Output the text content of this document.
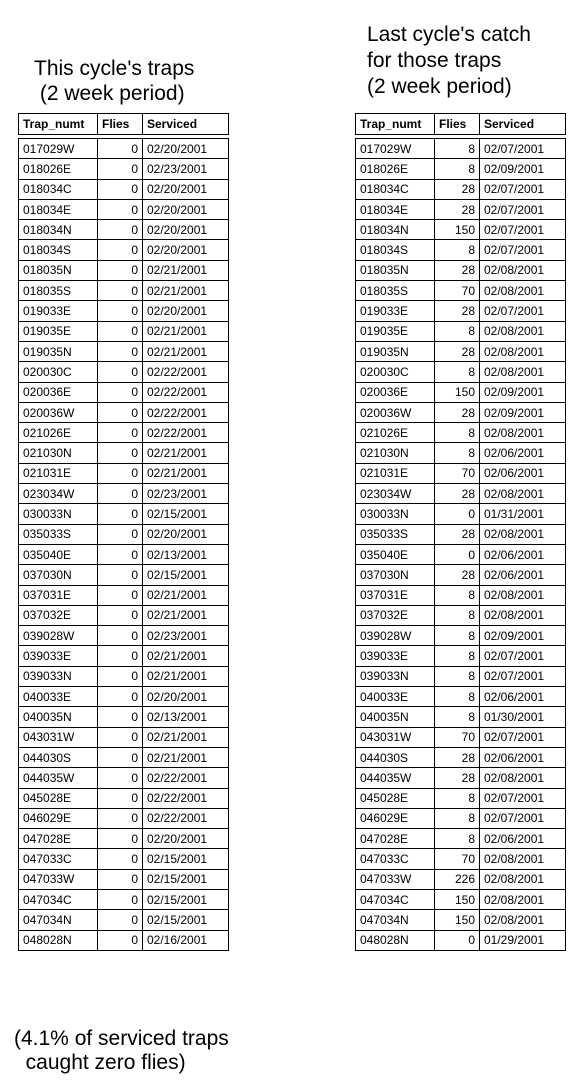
This cycle's traps
(2 week period)
Last cycle's catch
for those traps
(2 week period)
Trap_numt	Flies	Serviced	Trap_numt	Flies	Serviced
017029W	0	02/20/2001
018026E	0	02/23/2001
018034C	0	02/20/2001
018034E	0	02/20/2001
018034N	0	02/20/2001
018034S	0	02/20/2001
018035N	0	02/21/2001
018035S	0	02/21/2001
019033E	0	02/20/2001
019035E	0	02/21/2001
019035N	0	02/21/2001
020030C	0	02/22/2001
020036E	0	02/22/2001
020036W	0	02/22/2001
021026E	0	02/22/2001
021030N	0	02/21/2001
021031E	0	02/21/2001
023034W	0	02/23/2001
030033N	0	02/15/2001
035033S	0	02/20/2001
035040E	0	02/13/2001
037030N	0	02/15/2001
037031E	0	02/21/2001
037032E	0	02/21/2001
039028W	0	02/23/2001
039033E	0	02/21/2001
039033N	0	02/21/2001
040033E	0	02/20/2001
040035N	0	02/13/2001
043031W	0	02/21/2001
044030S	0	02/21/2001
044035W	0	02/22/2001
045028E	0	02/22/2001
046029E	0	02/22/2001
047028E	0	02/20/2001
047033C	0	02/15/2001
047033W	0	02/15/2001
047034C	0	02/15/2001
047034N	0	02/15/2001
048028N	0	02/16/2001
017029W	8	02/07/2001
018026E	8	02/09/2001
018034C	28	02/07/2001
018034E	28	02/07/2001
018034N	150	02/07/2001
018034S	8	02/07/2001
018035N	28	02/08/2001
018035S	70	02/08/2001
019033E	28	02/07/2001
019035E	8	02/08/2001
019035N	28	02/08/2001
020030C	8	02/08/2001
020036E	150	02/09/2001
020036W	28	02/09/2001
021026E	8	02/08/2001
021030N	8	02/06/2001
021031E	70	02/06/2001
023034W	28	02/08/2001
030033N	0	01/31/2001
035033S	28	02/08/2001
035040E	0	02/06/2001
037030N	28	02/06/2001
037031E	8	02/08/2001
037032E	8	02/08/2001
039028W	8	02/09/2001
039033E	8	02/07/2001
039033N	8	02/07/2001
040033E	8	02/06/2001
040035N	8	01/30/2001
043031W	70	02/07/2001
044030S	28	02/06/2001
044035W	28	02/08/2001
045028E	8	02/07/2001
046029E	8	02/07/2001
047028E	8	02/06/2001
047033C	70	02/08/2001
047033W	226	02/08/2001
047034C	150	02/08/2001
047034N	150	02/08/2001
048028N	0	01/29/2001
(4.1% of serviced traps
caught zero flies)
